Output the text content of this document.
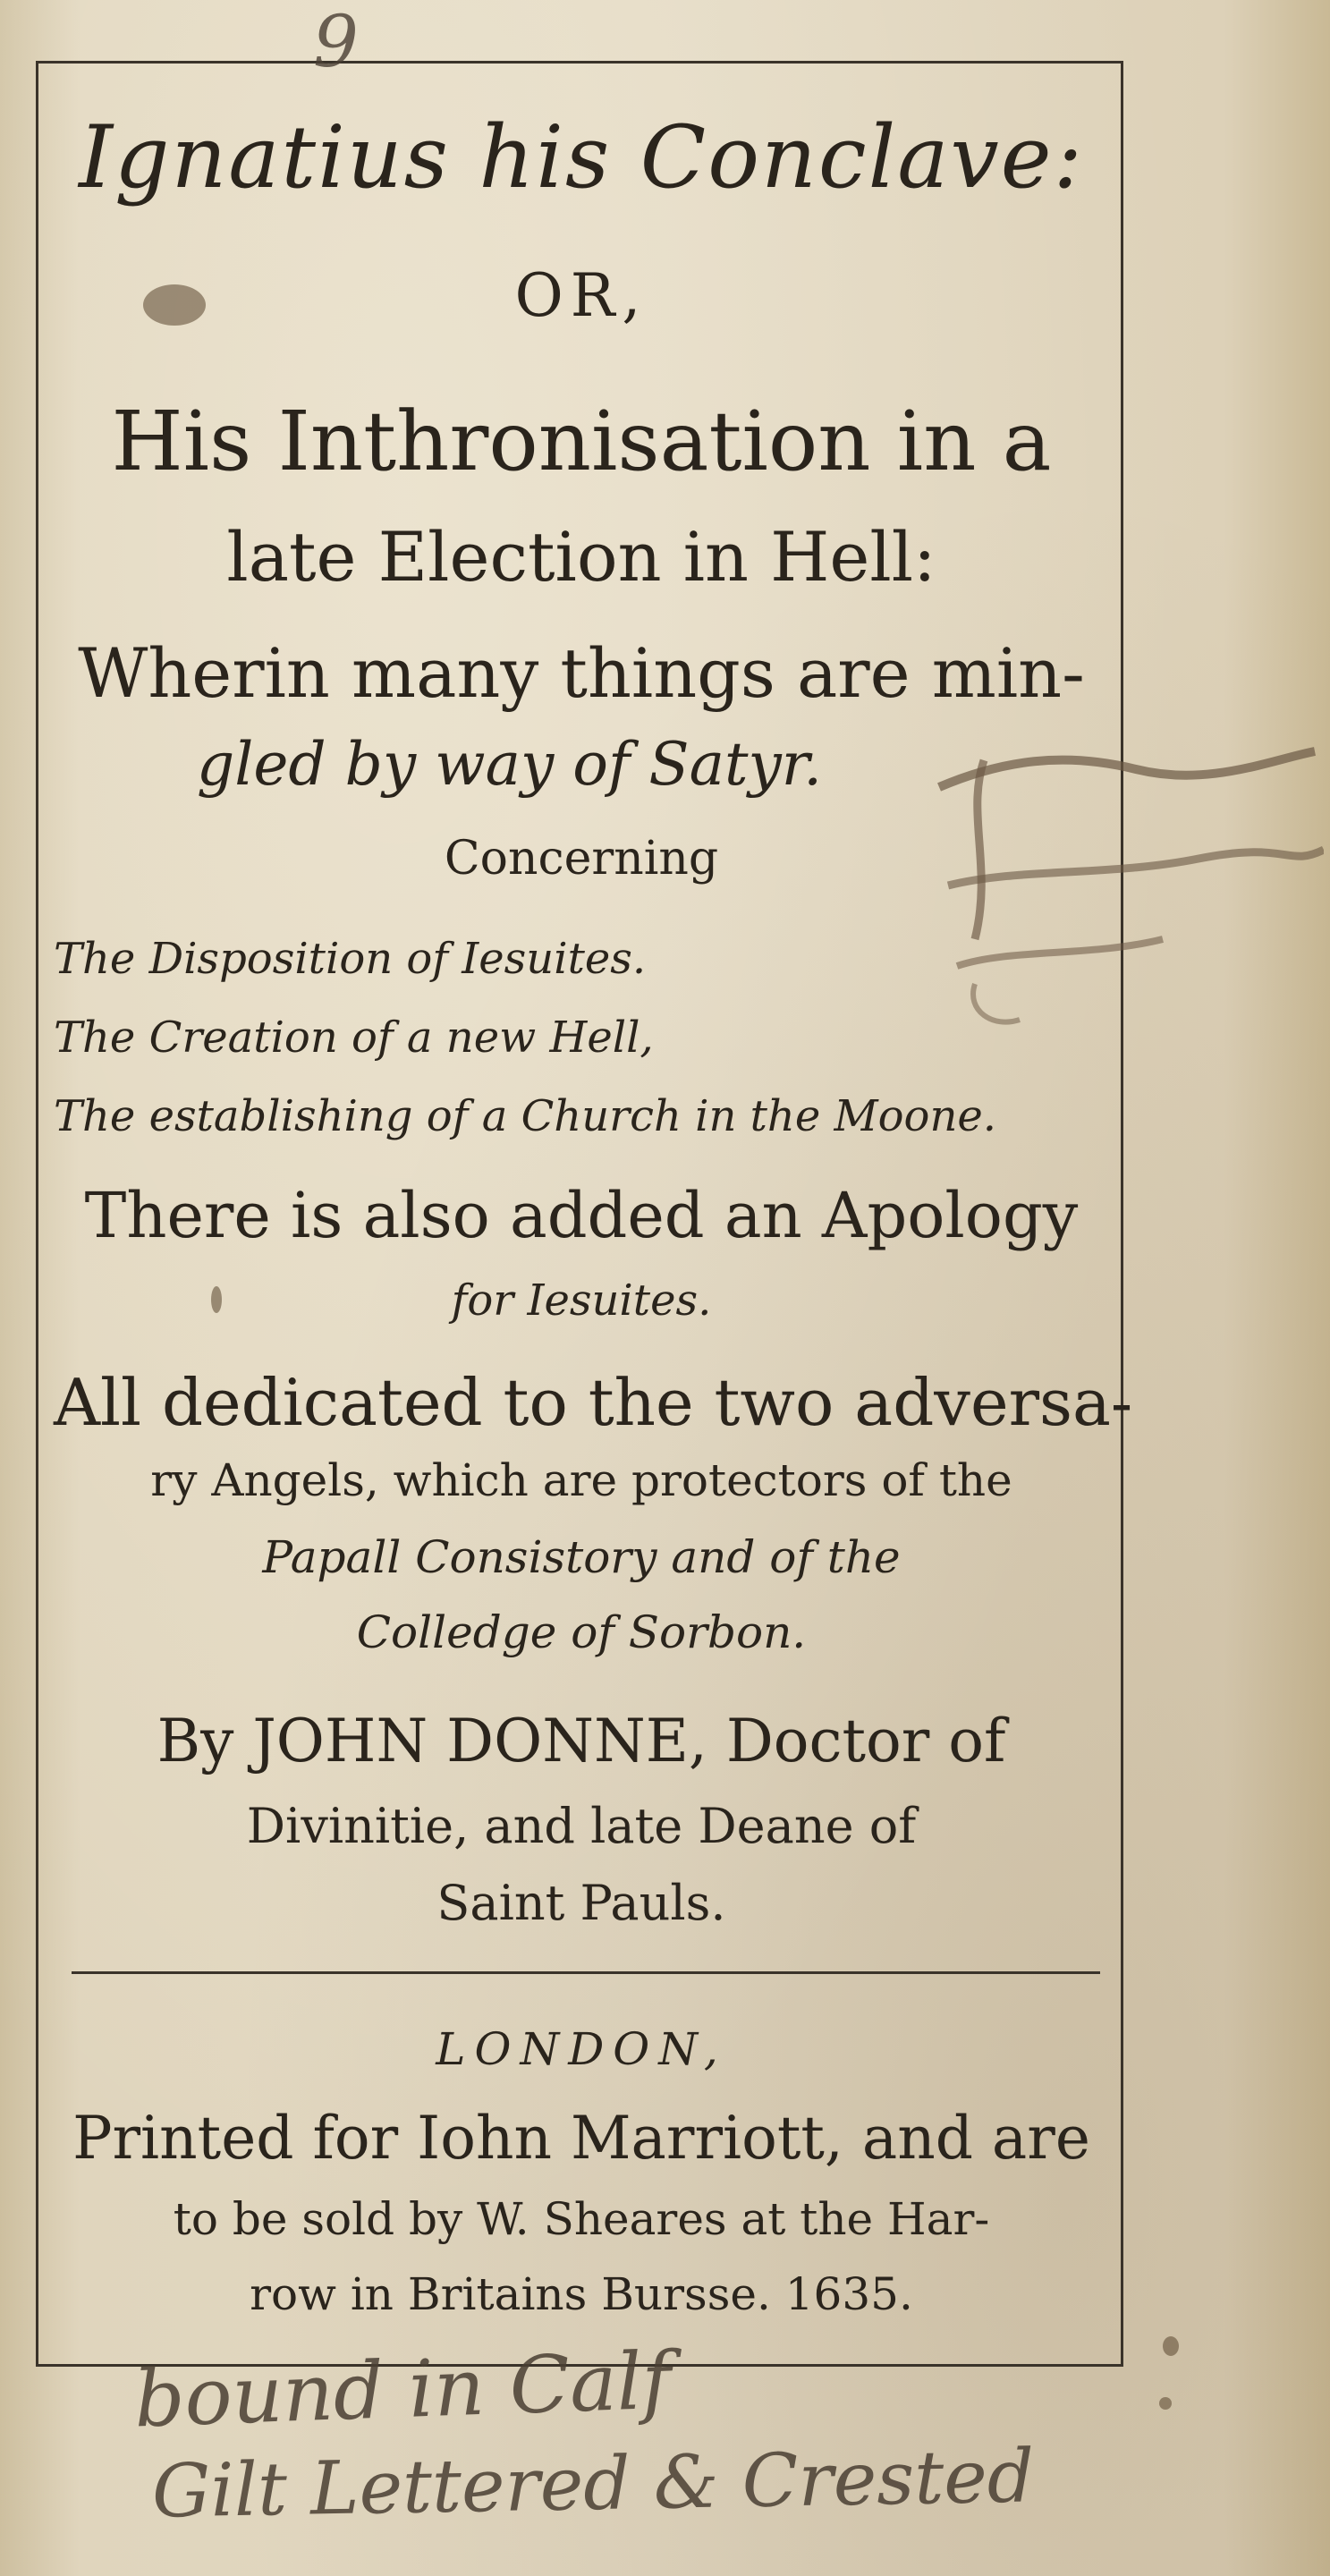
9
Ignatius his Conclave:
OR,
His Inthronisation in a
late Election in Hell:
Wherin many things are min-
gled by way of Satyr.
Concerning
The Disposition of Iesuites.
The Creation of a new Hell,
The establishing of a Church in the Moone.
There is also added an Apology
for Iesuites.
All dedicated to the two adversa-
ry Angels, which are protectors of the
Papall Consistory and of the
Colledge of Sorbon.
By JOHN DONNE, Doctor of
Divinitie, and late Deane of
Saint Pauls.
LONDON,
Printed for Iohn Marriott, and are
to be sold by W. Sheares at the Har-
row in Britains Bursse. 1635.
bound in Calf
Gilt Lettered & Crested
